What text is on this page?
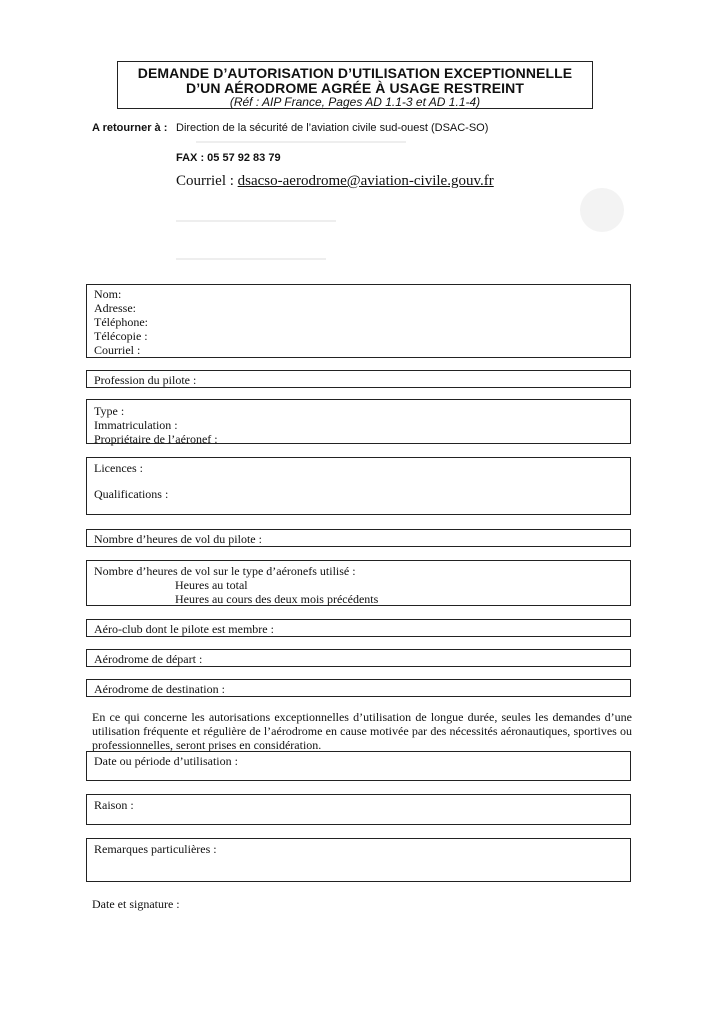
DEMANDE D’AUTORISATION D’UTILISATION EXCEPTIONNELLE
D’UN AÉRODROME AGRÉE À USAGE RESTREINT
(Réf : AIP France, Pages AD 1.1-3 et AD 1.1-4)
A retourner à : Direction de la sécurité de l’aviation civile sud-ouest (DSAC-SO)
FAX : 05 57 92 83 79
Courriel : dsacso-aerodrome@aviation-civile.gouv.fr
Nom:
Adresse:
Téléphone:
Télécopie :
Courriel :
Profession du pilote :
Type :
Immatriculation :
Propriétaire de l’aéronef :
Licences :
Qualifications :
Nombre d’heures de vol du pilote :
Nombre d’heures de vol sur le type d’aéronefs utilisé :
Heures au total
Heures au cours des deux mois précédents
Aéro-club dont le pilote est membre :
Aérodrome de départ :
Aérodrome de destination :
En ce qui concerne les autorisations exceptionnelles d’utilisation de longue durée, seules les demandes d’une utilisation fréquente et régulière de l’aérodrome en cause motivée par des nécessités aéronautiques, sportives ou professionnelles, seront prises en considération.
Date ou période d’utilisation :
Raison :
Remarques particulières :
Date et signature :
